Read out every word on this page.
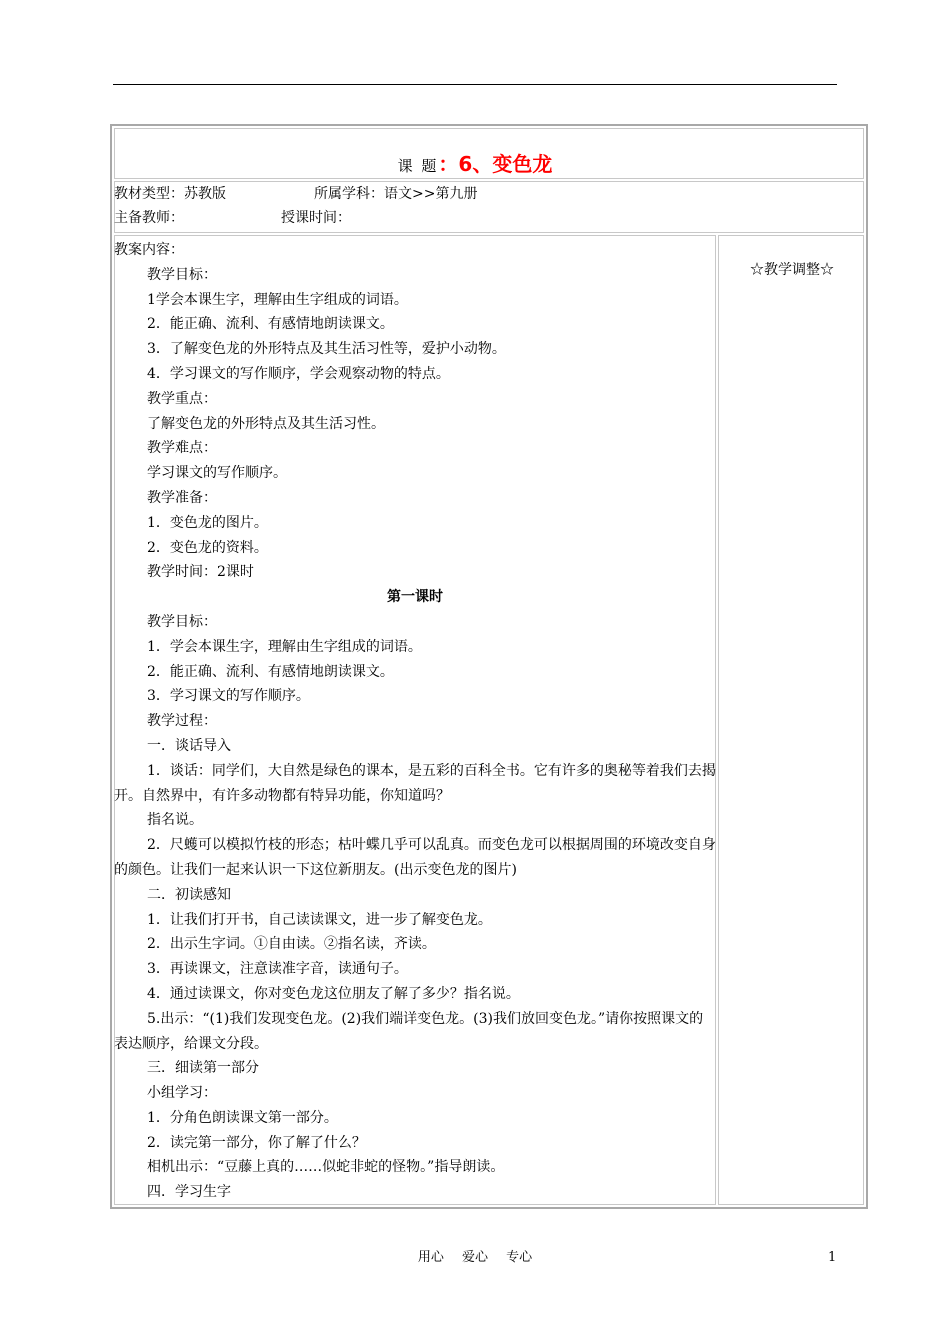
课 题：6、变色龙
教材类型：苏教版	所属学科：语文>>第九册
主备教师：	授课时间：

教案内容：

教学目标：

1学会本课生字，理解由生字组成的词语。

2．能正确、流利、有感情地朗读课文。

3．了解变色龙的外形特点及其生活习性等，爱护小动物。

4．学习课文的写作顺序，学会观察动物的特点。

教学重点：

了解变色龙的外形特点及其生活习性。

教学难点：

学习课文的写作顺序。

教学准备：

1．变色龙的图片。

2．变色龙的资料。

教学时间：2课时

第一课时

教学目标：

1．学会本课生字，理解由生字组成的词语。

2．能正确、流利、有感情地朗读课文。

3．学习课文的写作顺序。

教学过程：

一．谈话导入

1．谈话：同学们，大自然是绿色的课本，是五彩的百科全书。它有许多的奥秘等着我们去揭开。自然界中，有许多动物都有特异功能，你知道吗？

指名说。

2．尺蠖可以模拟竹枝的形态；枯叶蝶几乎可以乱真。而变色龙可以根据周围的环境改变自身的颜色。让我们一起来认识一下这位新朋友。(出示变色龙的图片)

二．初读感知

1．让我们打开书，自己读读课文，进一步了解变色龙。

2．出示生字词。①自由读。②指名读，齐读。

3．再读课文，注意读准字音，读通句子。

4．通过读课文，你对变色龙这位朋友了解了多少？指名说。

5.出示：“(1)我们发现变色龙。(2)我们端详变色龙。(3)我们放回变色龙。”请你按照课文的表达顺序，给课文分段。

三．细读第一部分

小组学习：

1．分角色朗读课文第一部分。

2．读完第一部分，你了解了什么？

相机出示：“豆藤上真的……似蛇非蛇的怪物。”指导朗读。

四．学习生字

☆教学调整☆
用心 爱心 专心	1
